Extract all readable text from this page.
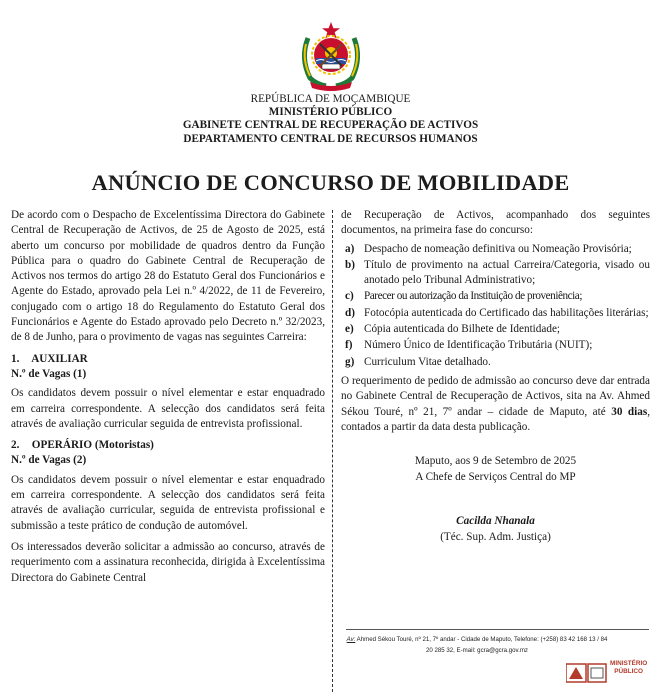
REPÚBLICA DE MOÇAMBIQUE
MINISTÉRIO PÚBLICO
GABINETE CENTRAL DE RECUPERAÇÃO DE ACTIVOS
DEPARTAMENTO CENTRAL DE RECURSOS HUMANOS
ANÚNCIO DE CONCURSO DE MOBILIDADE
De acordo com o Despacho de Excelentíssima Directora do Gabinete Central de Recuperação de Activos, de 25 de Agosto de 2025, está aberto um concurso por mobilidade de quadros dentro da Função Pública para o quadro do Gabinete Central de Recuperação de Activos nos termos do artigo 28 do Estatuto Geral dos Funcionários e Agente do Estado, aprovado pela Lei n.º 4/2022, de 11 de Fevereiro, conjugado com o artigo 18 do Regulamento do Estatuto Geral dos Funcionários e Agente do Estado aprovado pelo Decreto n.º 32/2023, de 8 de Junho, para o provimento de vagas nas seguintes Carreira:
1. AUXILIAR
N.º de Vagas (1)
Os candidatos devem possuir o nível elementar e estar enquadrado em carreira correspondente. A selecção dos candidatos será feita através de avaliação curricular seguida de entrevista profissional.
2. OPERÁRIO (Motoristas)
N.º de Vagas (2)
Os candidatos devem possuir o nível elementar e estar enquadrado em carreira correspondente. A selecção dos candidatos será feita através de avaliação curricular, seguida de entrevista profissional e submissão a teste prático de condução de automóvel.
Os interessados deverão solicitar a admissão ao concurso, através de requerimento com a assinatura reconhecida, dirigida à Excelentíssima Directora do Gabinete Central
de Recuperação de Activos, acompanhado dos seguintes documentos, na primeira fase do concurso:
a) Despacho de nomeação definitiva ou Nomeação Provisória;
b) Título de provimento na actual Carreira/Categoria, visado ou anotado pelo Tribunal Administrativo;
c) Parecer ou autorização da Instituição de proveniência;
d) Fotocópia autenticada do Certificado das habilitações literárias;
e) Cópia autenticada do Bilhete de Identidade;
f)	Número Único de Identificação Tributária (NUIT);
g) Curriculum Vitae detalhado.
O requerimento de pedido de admissão ao concurso deve dar entrada no Gabinete Central de Recuperação de Activos, sita na Av. Ahmed Sékou Touré, nº 21, 7º andar – cidade de Maputo, até 30 dias, contados a partir da data desta publicação.
Maputo, aos 9 de Setembro de 2025
A Chefe de Serviços Central do MP
Cacilda Nhanala
(Téc. Sup. Adm. Justiça)
Av: Ahmed Sékou Touré, nº 21, 7º andar - Cidade de Maputo, Telefone: (+258) 83 42 168 13 / 84
20 285 32, E-mail: gcra@gcra.gov.mz
MINISTÉRIO
PÚBLICO
